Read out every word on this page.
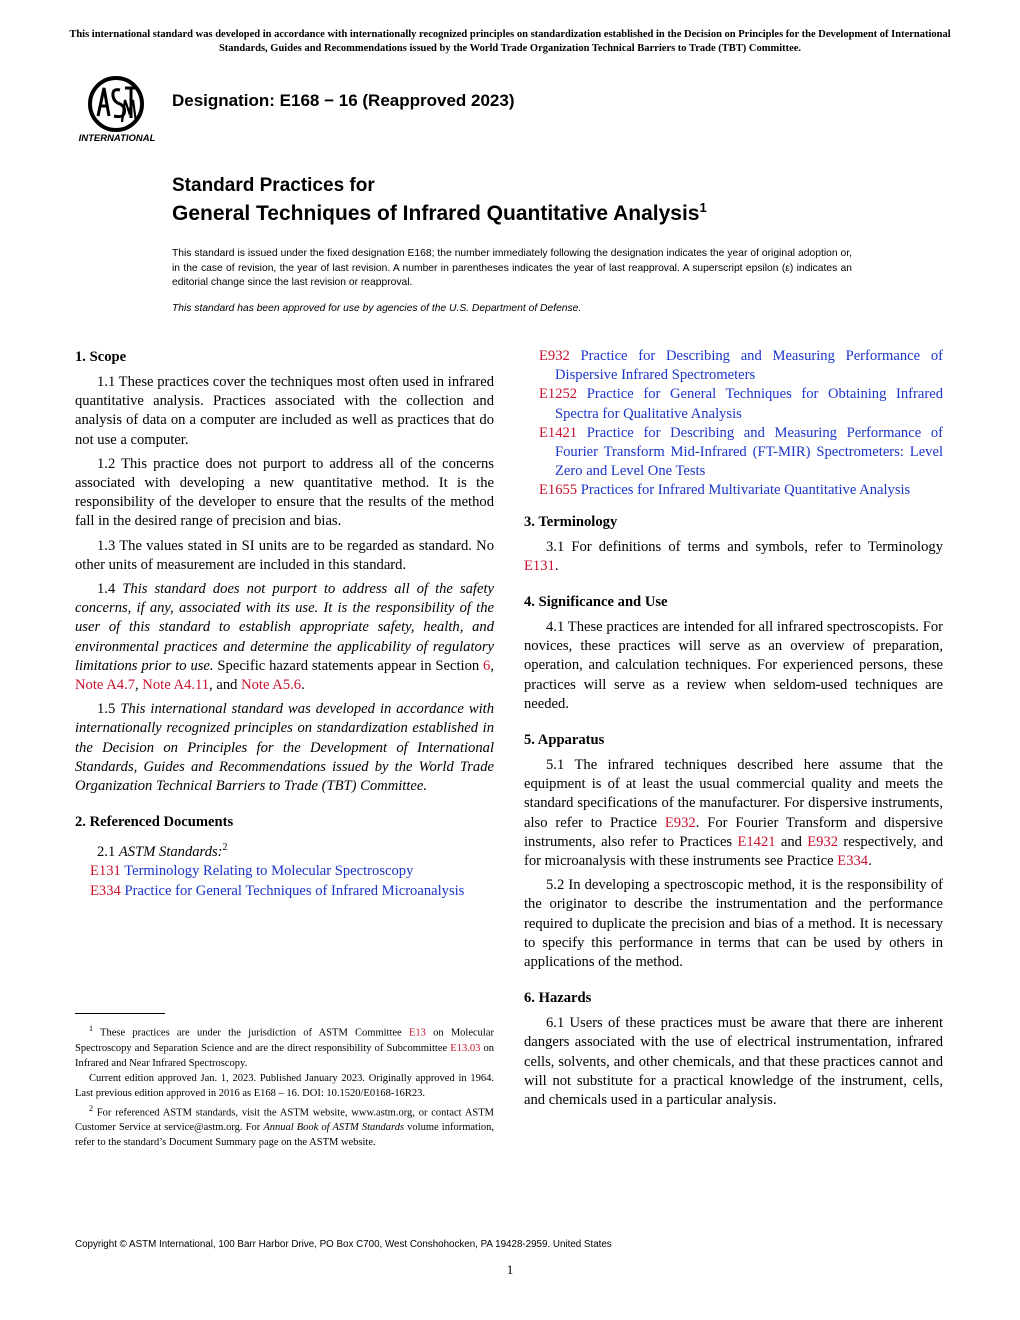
This international standard was developed in accordance with internationally recognized principles on standardization established in the Decision on Principles for the Development of International Standards, Guides and Recommendations issued by the World Trade Organization Technical Barriers to Trade (TBT) Committee.
INTERNATIONAL
Designation: E168 − 16 (Reapproved 2023)
Standard Practices for
General Techniques of Infrared Quantitative Analysis$^1$
This standard is issued under the fixed designation E168; the number immediately following the designation indicates the year of original adoption or, in the case of revision, the year of last revision. A number in parentheses indicates the year of last reapproval. A superscript epsilon (ε) indicates an editorial change since the last revision or reapproval.
This standard has been approved for use by agencies of the U.S. Department of Defense.
1. Scope

1.1 These practices cover the techniques most often used in infrared quantitative analysis. Practices associated with the collection and analysis of data on a computer are included as well as practices that do not use a computer.

1.2 This practice does not purport to address all of the concerns associated with developing a new quantitative method. It is the responsibility of the developer to ensure that the results of the method fall in the desired range of precision and bias.

1.3 The values stated in SI units are to be regarded as standard. No other units of measurement are included in this standard.

1.4 This standard does not purport to address all of the safety concerns, if any, associated with its use. It is the responsibility of the user of this standard to establish appropriate safety, health, and environmental practices and determine the applicability of regulatory limitations prior to use. Specific hazard statements appear in Section 6, Note A4.7, Note A4.11, and Note A5.6.

1.5 This international standard was developed in accordance with internationally recognized principles on standardization established in the Decision on Principles for the Development of International Standards, Guides and Recommendations issued by the World Trade Organization Technical Barriers to Trade (TBT) Committee.

2. Referenced Documents

2.1 ASTM Standards:$^2$

E131 Terminology Relating to Molecular Spectroscopy
E334 Practice for General Techniques of Infrared Microanalysis

$^1$ These practices are under the jurisdiction of ASTM Committee E13 on Molecular Spectroscopy and Separation Science and are the direct responsibility of Subcommittee E13.03 on Infrared and Near Infrared Spectroscopy.

Current edition approved Jan. 1, 2023. Published January 2023. Originally approved in 1964. Last previous edition approved in 2016 as E168 – 16. DOI: 10.1520/E0168-16R23.

$^2$ For referenced ASTM standards, visit the ASTM website, www.astm.org, or contact ASTM Customer Service at service@astm.org. For Annual Book of ASTM Standards volume information, refer to the standard’s Document Summary page on the ASTM website.

E932 Practice for Describing and Measuring Performance of Dispersive Infrared Spectrometers
E1252 Practice for General Techniques for Obtaining Infrared Spectra for Qualitative Analysis
E1421 Practice for Describing and Measuring Performance of Fourier Transform Mid-Infrared (FT-MIR) Spectrometers: Level Zero and Level One Tests
E1655 Practices for Infrared Multivariate Quantitative Analysis
3. Terminology

3.1 For definitions of terms and symbols, refer to Terminology E131.

4. Significance and Use

4.1 These practices are intended for all infrared spectroscopists. For novices, these practices will serve as an overview of preparation, operation, and calculation techniques. For experienced persons, these practices will serve as a review when seldom-used techniques are needed.

5. Apparatus

5.1 The infrared techniques described here assume that the equipment is of at least the usual commercial quality and meets the standard specifications of the manufacturer. For dispersive instruments, also refer to Practice E932. For Fourier Transform and dispersive instruments, also refer to Practices E1421 and E932 respectively, and for microanalysis with these instruments see Practice E334.

5.2 In developing a spectroscopic method, it is the responsibility of the originator to describe the instrumentation and the performance required to duplicate the precision and bias of a method. It is necessary to specify this performance in terms that can be used by others in applications of the method.

6. Hazards

6.1 Users of these practices must be aware that there are inherent dangers associated with the use of electrical instrumentation, infrared cells, solvents, and other chemicals, and that these practices cannot and will not substitute for a practical knowledge of the instrument, cells, and chemicals used in a particular analysis.

Copyright © ASTM International, 100 Barr Harbor Drive, PO Box C700, West Conshohocken, PA 19428-2959. United States
1
